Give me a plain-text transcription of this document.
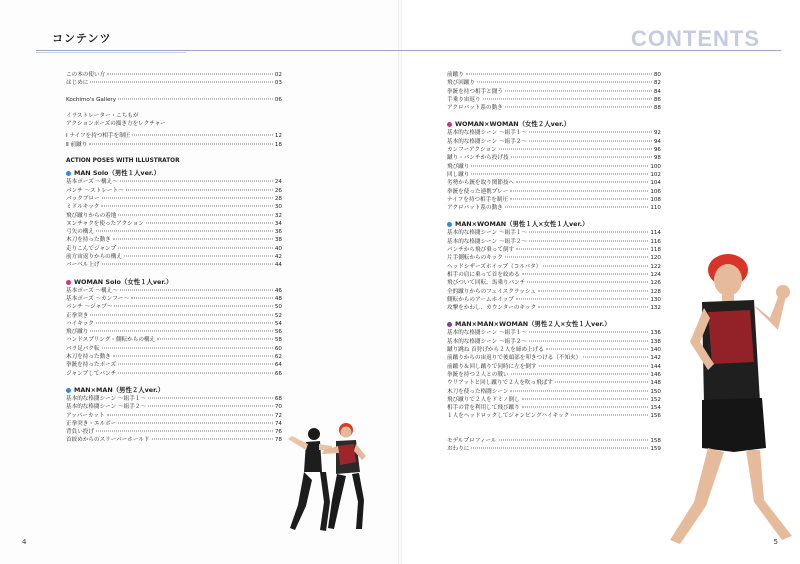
コンテンツ	CONTENTS
この本の使い方	02
はじめに	03
Kochimo's Gallery	06
イラストレーター・こちもが
アクションポーズの描き方をレクチャー
Ⅰ ナイフを持つ相手を制圧	12
Ⅱ 前蹴り	18
ACTION POSES WITH ILLUSTRATOR
MAN Solo（男性１人ver.）
基本ポーズ ～構え～	24
パンチ ～ストレート～	26
バックブロー	28
ミドルキック	30
飛び蹴りからの着地	32
ヌンチャクを使ったアクション	34
弓矢の構え	36
木刀を持った動き	38
走りこんでジャンプ	40
前方宙返りからの構え	42
バーベル上げ	44
WOMAN Solo（女性１人ver.）
基本ポーズ ～構え～	46
基本ポーズ ～カンフー～	48
パンチ ～ジャブ～	50
正拳突き	52
ハイキック	54
飛び蹴り	56
ハンドスプリング・側転からの構え	58
バラ足バク転	60
木刀を持った動き	62
拳銃を持ったポーズ	64
ジャンプしてパンチ	66
MAN×MAN（男性２人ver.）
基本的な格闘シーン ～組手１～	68
基本的な格闘シーン ～組手２～	70
アッパーカット	72
正拳突き・エルボー	74
背負い投げ	76
首絞めからのスリーパーホールド	78
前蹴り	80
飛び回蹴り	82
拳銃を持つ相手と闘う	84
手乗り宙返り	86
アクロバット系の動き	88
WOMAN×WOMAN（女性２人ver.）
基本的な格闘シーン ～組手１～	92
基本的な格闘シーン ～組手２～	94
カンフーアクション	96
蹴り・パンチから投げ技	98
飛び蹴り	100
回し蹴り	102
劣勢から銃を取り関節技へ	104
拳銃を使った連携プレー	106
ナイフを持つ相手を制圧	108
アクロバット系の動き	110
MAN×WOMAN（男性１人×女性１人ver.）
基本的な格闘シーン ～組手１～	114
基本的な格闘シーン ～組手２～	116
パンチから飛び乗って倒す	118
片手側転からのキック	120
ヘッドシザーズホイップ（コルバタ）	122
相手の肩に乗って首を絞める	124
飛びついて回転、馬乗りパンチ	126
全的蹴りからのフェイスクラッシュ	128
側転からのアームホイップ	130
攻撃をかわし、カウンターのキック	132
MAN×MAN×WOMAN（男性２人×女性１人ver.）
基本的な格闘シーン ～組手１～	136
基本的な格闘シーン ～組手２～	138
蹴り跳ね 首狩げから２人を締め上げる	140
前蹴りからの宙返りで後頭部を叩きつける（不知火）	142
前蹴り＆回し蹴りで同時に左を倒す	144
拳銃を持つ２人との戦い	146
ウリアットと回し蹴りで２人を吹っ飛ばす	148
木刀を使った格闘シーン	150
飛び蹴りで２人をドミノ倒し	152
相手の背を利用して飛び蹴り	154
１人をヘッドロックしてジャンピングハイキック	156
モデルプロフィール	158
おわりに	159
4	5
